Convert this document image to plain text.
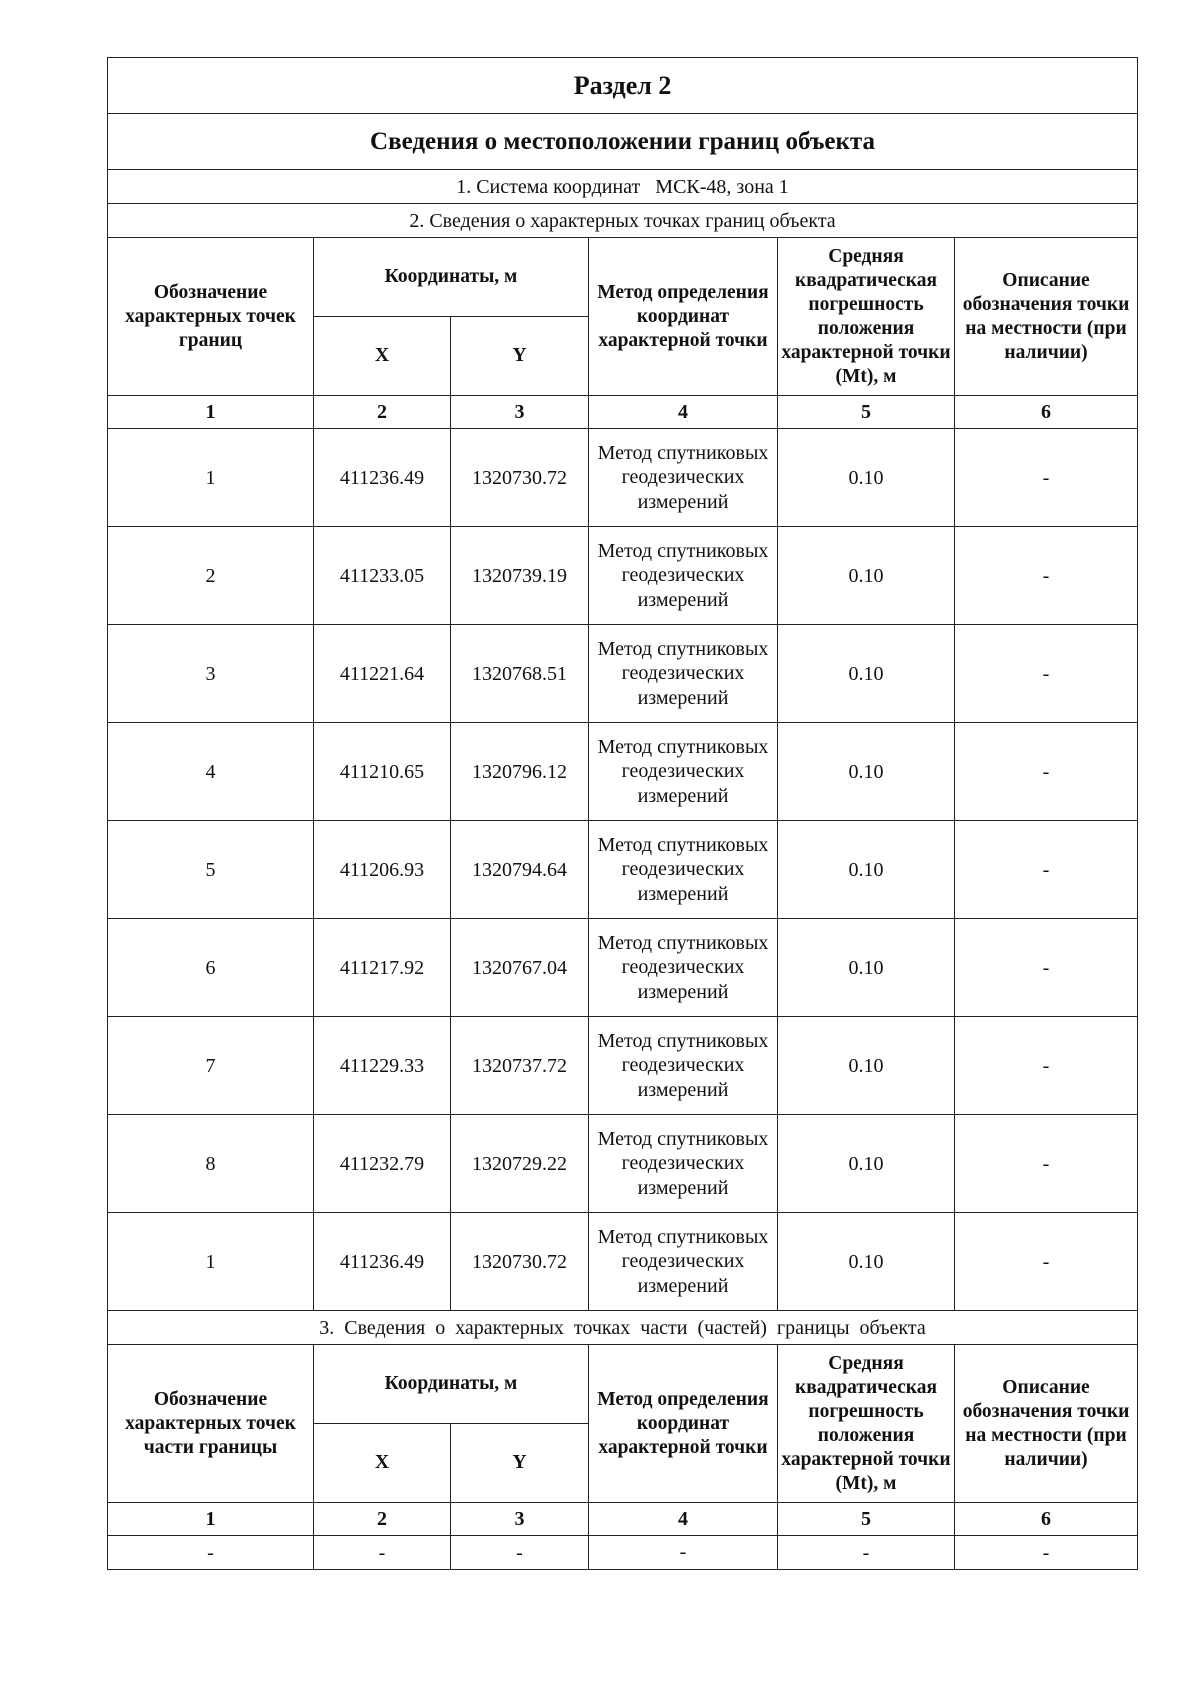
Раздел 2					
Сведения о местоположении границ объекта					
1. Система координат МСК-48, зона 1					
2. Сведения о характерных точках границ объекта					
Обозначение характерных точек границ	Координаты, м		Метод определения координат характерной точки	Средняя квадратическая погрешность положения характерной точки (Mt), м	Описание обозначения точки на местности (при наличии)
	X	Y			
1	2	3	4	5	6
1	411236.49	1320730.72	Метод спутниковых геодезических измерений	0.10	-
2	411233.05	1320739.19	Метод спутниковых геодезических измерений	0.10	-
3	411221.64	1320768.51	Метод спутниковых геодезических измерений	0.10	-
4	411210.65	1320796.12	Метод спутниковых геодезических измерений	0.10	-
5	411206.93	1320794.64	Метод спутниковых геодезических измерений	0.10	-
6	411217.92	1320767.04	Метод спутниковых геодезических измерений	0.10	-
7	411229.33	1320737.72	Метод спутниковых геодезических измерений	0.10	-
8	411232.79	1320729.22	Метод спутниковых геодезических измерений	0.10	-
1	411236.49	1320730.72	Метод спутниковых геодезических измерений	0.10	-
3. Сведения о характерных точках части (частей) границы объекта					
Обозначение характерных точек части границы	Координаты, м		Метод определения координат характерной точки	Средняя квадратическая погрешность положения характерной точки (Mt), м	Описание обозначения точки на местности (при наличии)
	X	Y			
1	2	3	4	5	6
-	-	-	-	-	-
